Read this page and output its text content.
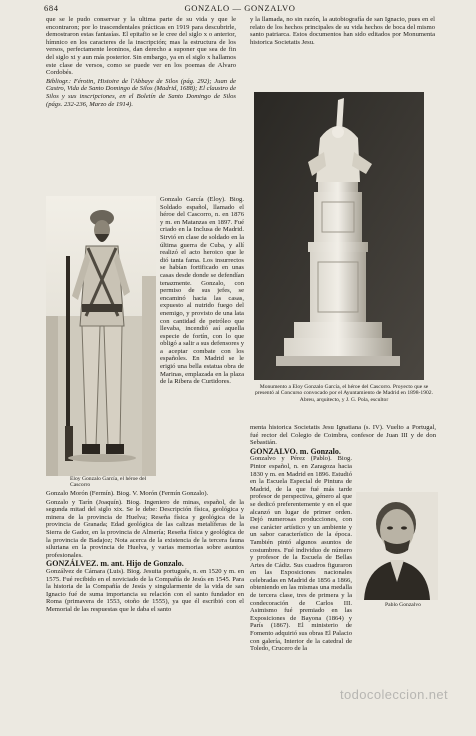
684	GONZALO — GONZALVO

que se le pudo conservar y la ultima parte de su vida y que le encontraron; por lo trascendentales prácticas en 1919 para descubrirle, demostraron estas fantasías. El epitafio se le cree del siglo x o anterior, hímnico en los caracteres de la inscripción; mas la estructura de los versos, perfectamente leoninos, dan derecho a suponer que sea de fin del siglo xi y aun más posterior. Sin embargo, ya en el siglo x hallamos este clase de versos, como se puede ver en los poemas de Alvaro Cordobés.

Bibliogr.: Férotin, Histoire de l'Abbaye de Silos (pág. 292); Juan de Castro, Vida de Santo Domingo de Silos (Madrid, 1688); El claustro de Silos y sus inscripciones, en el Boletín de Santo Domingo de Silos (págs. 232-236, Marzo de 1914).

Eloy Gonzalo García, el héroe del Cascorro

Gonzalo García (Eloy). Biog. Soldado español, llamado el héroe del Cascorro, n. en 1876 y m. en Matanzas en 1897. Fué criado en la Inclusa de Madrid. Sirvió en clase de soldado en la última guerra de Cuba, y allí realizó el acto heroico que le dió tanta fama. Los insurrectos se habían fortificado en unas casas desde donde se defendían tenazmente. Gonzalo, con permiso de sus jefes, se encaminó hacia las casas, expuesto al nutrido fuego del enemigo, y provisto de una lata con cantidad de petróleo que llevaba, incendió así aquella especie de fortín, con lo que obligó a salir a sus defensores y a aceptar combate con los españoles. En Madrid se le erigió una bella estatua obra de Marinas, emplazada en la plaza de la Ribera de Curtidores.

Gonzalo Morón (Fermín). Biog. V. Morón (Fermín Gonzalo).

Gonzalo y Tarín (Joaquín). Biog. Ingeniero de minas, español, de la segunda mitad del siglo xix. Se le debe: Descripción física, geológica y minera de la provincia de Huelva; Reseña física y geológica de la provincia de Granada; Edad geológica de las calizas metalíferas de la Sierra de Gador, en la provincia de Almería; Reseña física y geológica de la provincia de Badajoz; Nota acerca de la existencia de la tercera fauna siluriana en la provincia de Huelva, y varias memorias sobre asuntos profesionales.

GONZÁLVEZ. m. ant. Hijo de Gonzalo.

Gonzálvez de Cámara (Luis). Biog. Jesuita portugués, n. en 1520 y m. en 1575. Fué recibido en el noviciado de la Compañía de Jesús en 1545. Para la historia de la Compañía de Jesús y singularmente de la vida de san Ignacio fué de suma importancia su relación con el santo fundador en Roma (primavera de 1553, otoño de 1555), ya que él escribió con el Memorial de las respuestas que le daba el santo

y la llamada, no sin razón, la autobiografía de san Ignacio, pues en el relato de los hechos principales de su vida hechos de boca del mismo santo patriarca. Estos documentos han sido editados por Monumenta historica Societatis Jesu.

Monumento a Eloy Gonzalo García, el héroe del Cascorro. Proyecto que se presentó al Concurso convocado por el Ayuntamiento de Madrid en 1898-1902. Abreu, arquitecto, y J. G. Pola, escultor

menta historica Societatis Jesu Ignatiana (s. IV). Vuelto a Portugal, fué rector del Colegio de Coimbra, confesor de Juan III y de don Sebastián.

GONZALVO. m. Gonzalo.

Gonzalvo y Pérez (Pablo). Biog. Pintor español, n. en Zaragoza hacia 1830 y m. en Madrid en 1896. Estudió en la Escuela Especial de Pintura de Madrid, de la que fué más tarde profesor de perspectiva, género al que se dedicó preferentemente y en el que alcanzó un lugar de primer orden. Dejó numerosas producciones, con ese carácter artístico y un ambiente y un sabor característico de la época. También pintó algunos asuntos de costumbres. Fué individuo de número y profesor de la Escuela de Bellas Artes de Cádiz. Sus cuadros figuraron en las Exposiciones nacionales celebradas en Madrid de 1856 a 1866, obteniendo en las mismas una medalla de tercera clase, tres de primera y la condecoración de Carlos III. Asimismo fué premiado en las Exposiciones de Bayona (1864) y París (1867). El ministerio de Fomento adquirió sus obras El Palacio con galería, Interior de la catedral de Toledo, Crucero de la

Pablo Gonzalvo
todocoleccion.net
